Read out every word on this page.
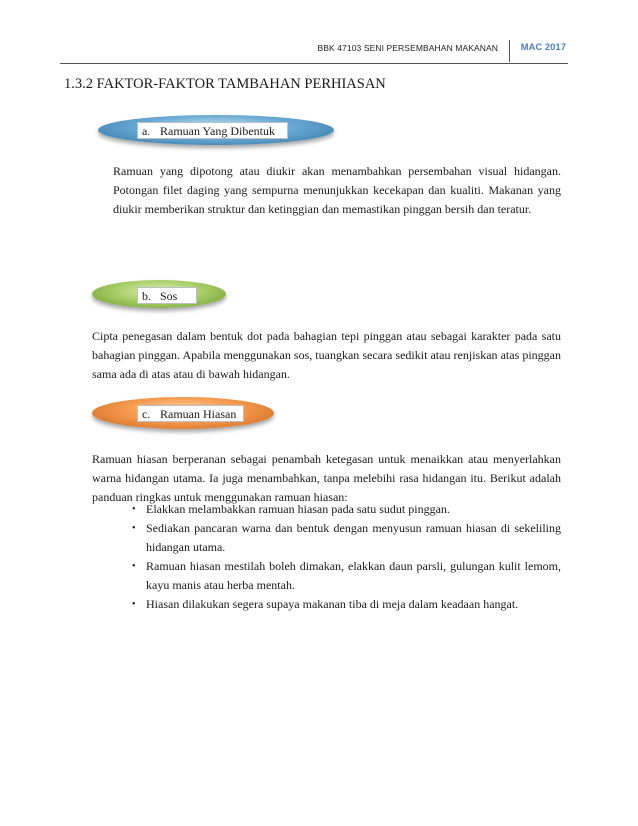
BBK 47103 SENI PERSEMBAHAN MAKANAN MAC 2017
1.3.2 FAKTOR-FAKTOR TAMBAHAN PERHIASAN
a. Ramuan Yang Dibentuk

Ramuan yang dipotong atau diukir akan menambahkan persembahan visual hidangan. Potongan filet daging yang sempurna menunjukkan kecekapan dan kualiti. Makanan yang diukir memberikan struktur dan ketinggian dan memastikan pinggan bersih dan teratur.

b. Sos

Cipta penegasan dalam bentuk dot pada bahagian tepi pinggan atau sebagai karakter pada satu bahagian pinggan. Apabila menggunakan sos, tuangkan secara sedikit atau renjiskan atas pinggan sama ada di atas atau di bawah hidangan.

c. Ramuan Hiasan

Ramuan hiasan berperanan sebagai penambah ketegasan untuk menaikkan atau menyerlahkan warna hidangan utama. Ia juga menambahkan, tanpa melebihi rasa hidangan itu. Berikut adalah panduan ringkas untuk menggunakan ramuan hiasan:

• Elakkan melambakkan ramuan hiasan pada satu sudut pinggan.
• Sediakan pancaran warna dan bentuk dengan menyusun ramuan hiasan di sekeliling hidangan utama.
• Ramuan hiasan mestilah boleh dimakan, elakkan daun parsli, gulungan kulit lemom, kayu manis atau herba mentah.
• Hiasan dilakukan segera supaya makanan tiba di meja dalam keadaan hangat.
